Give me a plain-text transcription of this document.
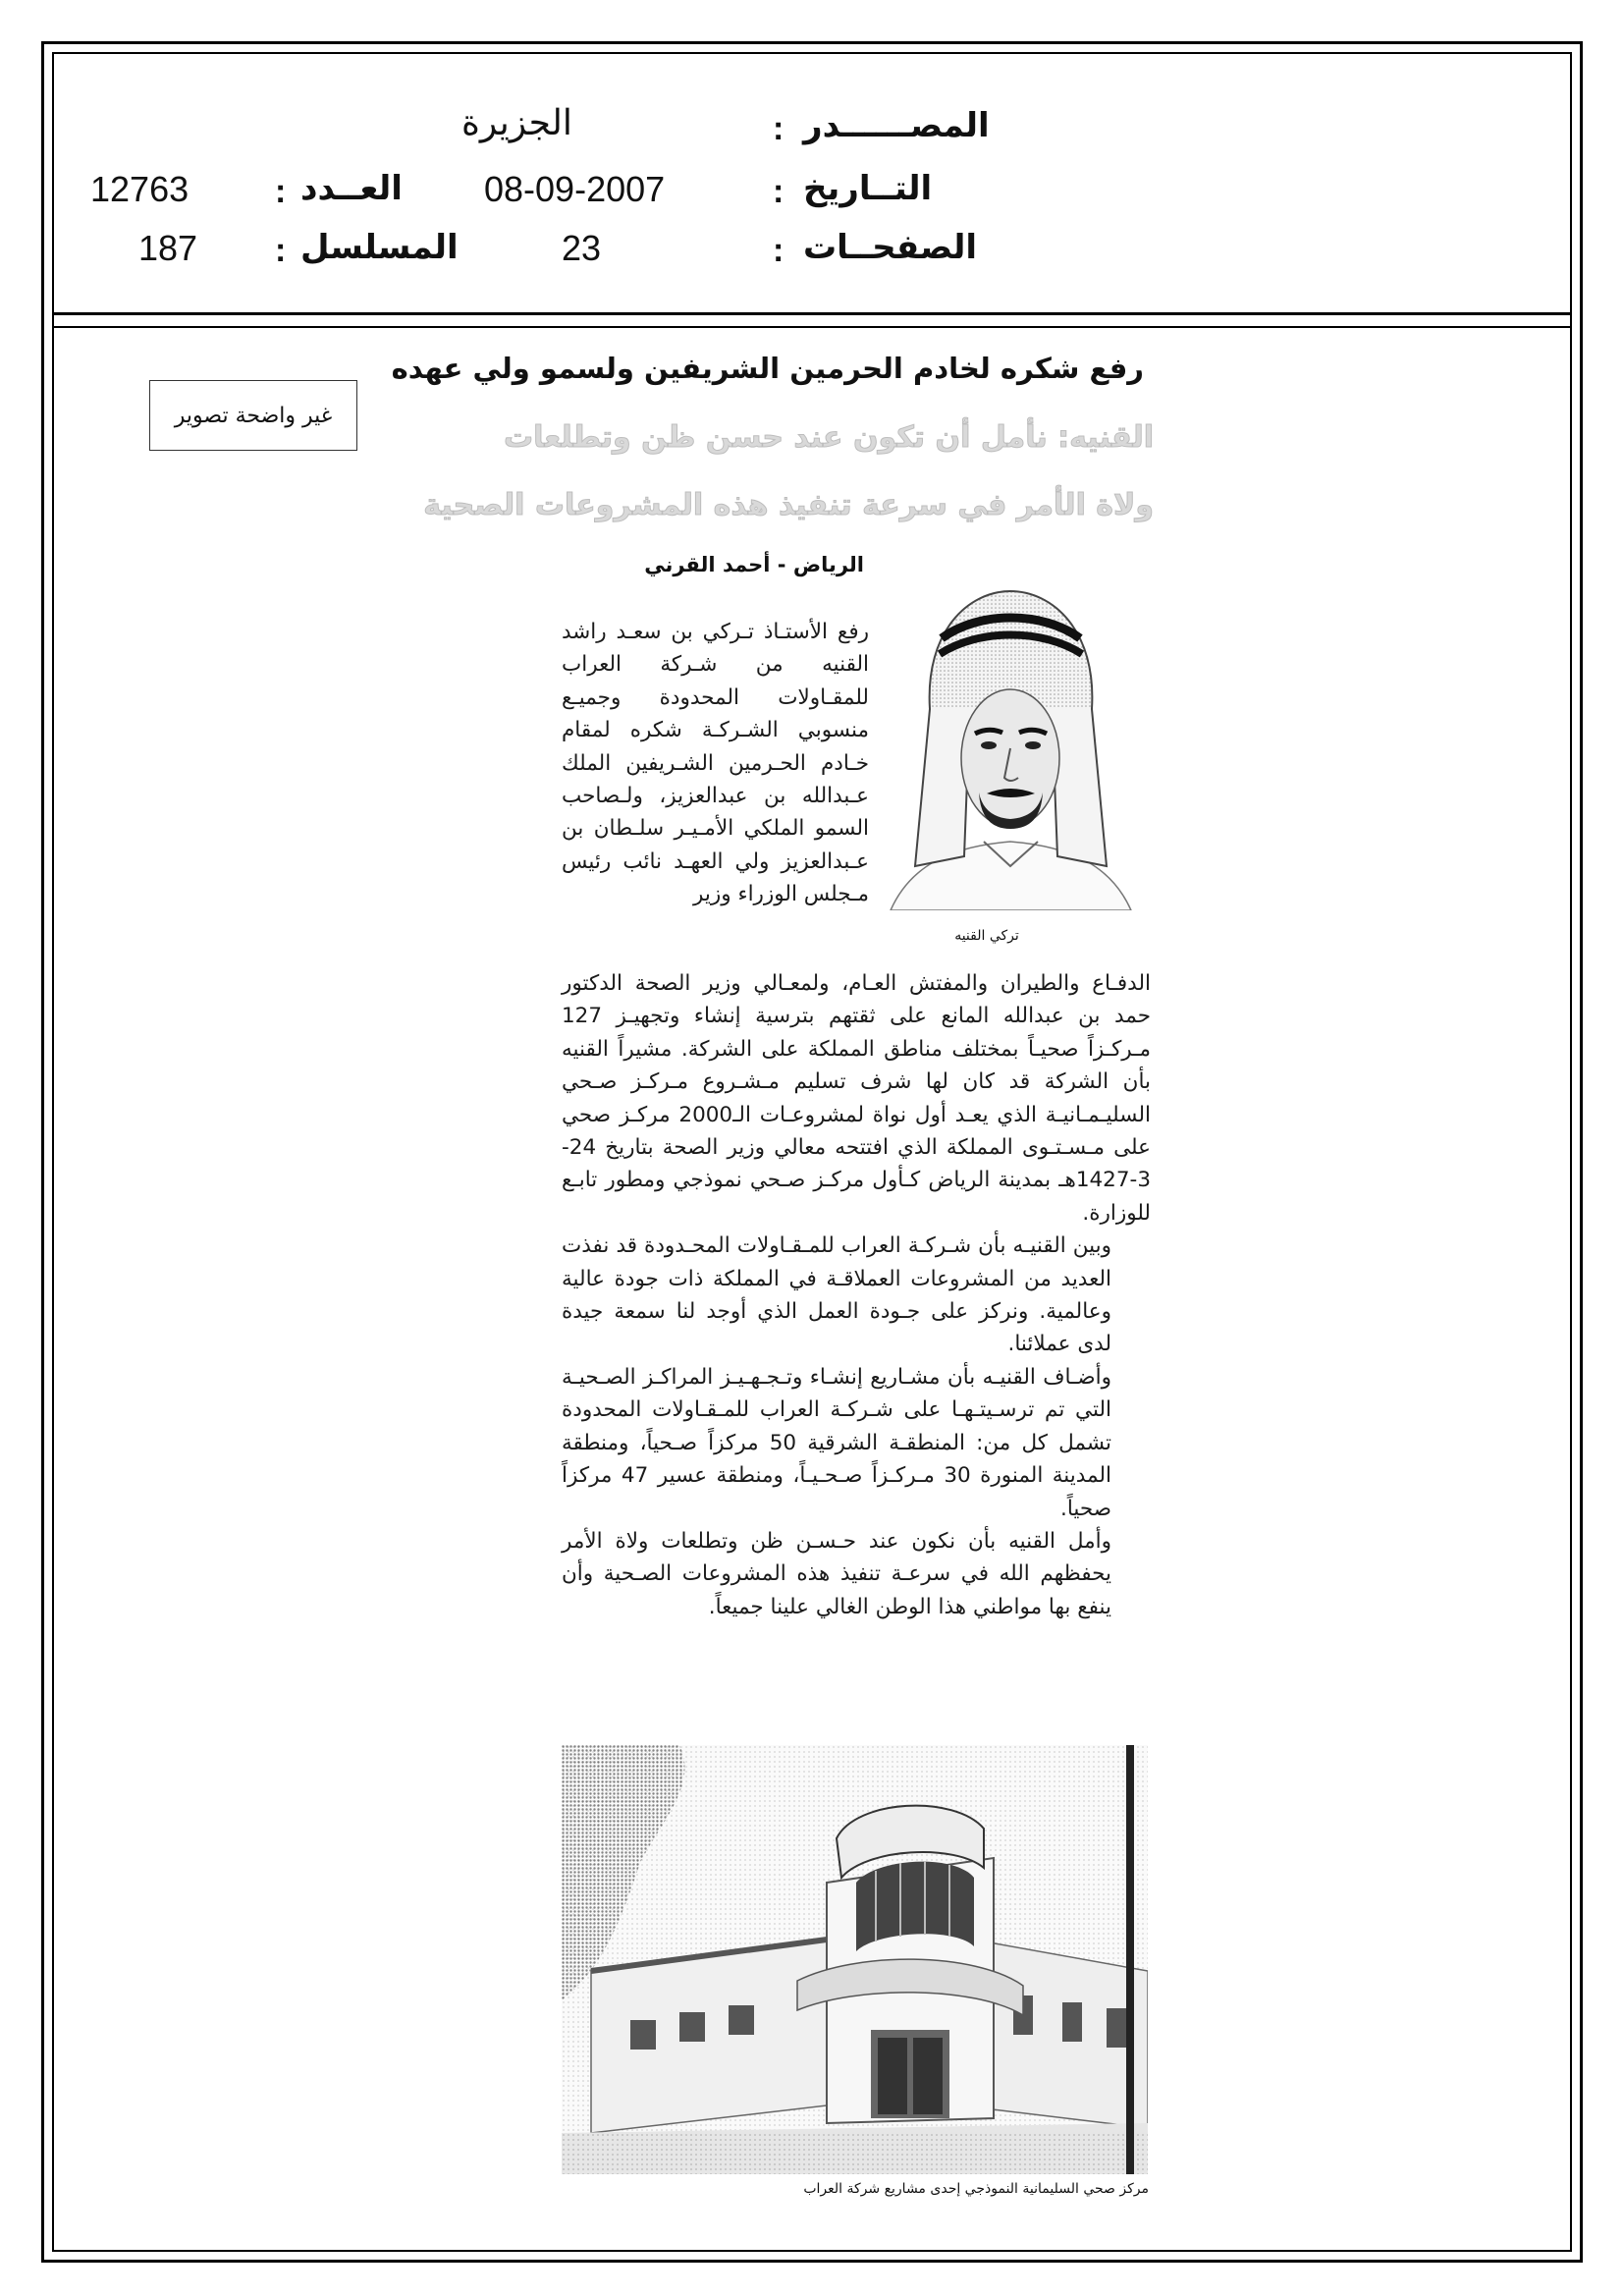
المصــــــدر
:
الجزيرة
التــاريخ
:
08-09-2007
الصفحــات
:
23
العــدد
:
12763
المسلسل
:
187
غير واضحة تصوير
رفع شكره لخادم الحرمين الشريفين ولسمو ولي عهده
القنيه: نأمل أن تكون عند حسن ظن وتطلعات
ولاة الأمر في سرعة تنفيذ هذه المشروعات الصحية
الرياض - أحمد القرني
تركي القنيه
رفع الأستـاذ تـركي بن سعـد راشد القنيه من شـركة العراب للمقـاولات المحدودة وجميـع منسوبي الشـركـة شكره لمقام خـادم الحـرمين الشـريفين الملك عـبدالله بن عبدالعزيز، ولـصاحب السمو الملكي الأمـيـر سلـطان بن عـبدالعزيز ولي العهـد نائب رئيس مـجلس الوزراء وزير
الدفـاع والطيران والمفتش العـام، ولمعـالي وزير الصحة الدكتور حمد بن عبدالله المانع على ثقتهم بترسية إنشاء وتجهيـز 127 مـركـزاً صحيـاً بمختلف مناطق المملكة على الشركة. مشيراً القنيه بأن الشركة قد كان لها شرف تسليم مـشـروع مـركـز صـحي السليـمـانيـة الذي يعـد أول نواة لمشروعـات الـ2000 مركـز صحي على مـسـتـوى المملكة الذي افتتحه معالي وزير الصحة بتاريخ 24-3-1427هـ بمدينة الرياض كـأول مركـز صـحي نموذجي ومطور تابـع للوزارة.
وبين القنيـه بأن شـركـة العراب للمـقـاولات المحـدودة قد نفذت العديد من المشروعات العملاقـة في المملكة ذات جودة عالية وعالمية. ونركز على جـودة العمل الذي أوجد لنا سمعة جيدة لدى عملائنا.
وأضـاف القنيـه بأن مشـاريع إنشـاء وتـجـهـيـز المراكـز الصـحيـة التي تم ترسـيتـهـا على شـركـة العراب للمـقـاولات المحدودة تشمل كل من: المنطقـة الشرقية 50 مركزاً صـحياً، ومنطقة المدينة المنورة 30 مـركـزاً صـحـيـاً، ومنطقة عسير 47 مركزاً صحياً.
وأمل القنيه بأن نكون عند حـسـن ظن وتطلعات ولاة الأمر يحفظهم الله في سرعـة تنفيذ هذه المشروعات الصـحية وأن ينفع بها مواطني هذا الوطن الغالي علينا جميعاً.
مركز صحي السليمانية النموذجي إحدى مشاريع شركة العراب
